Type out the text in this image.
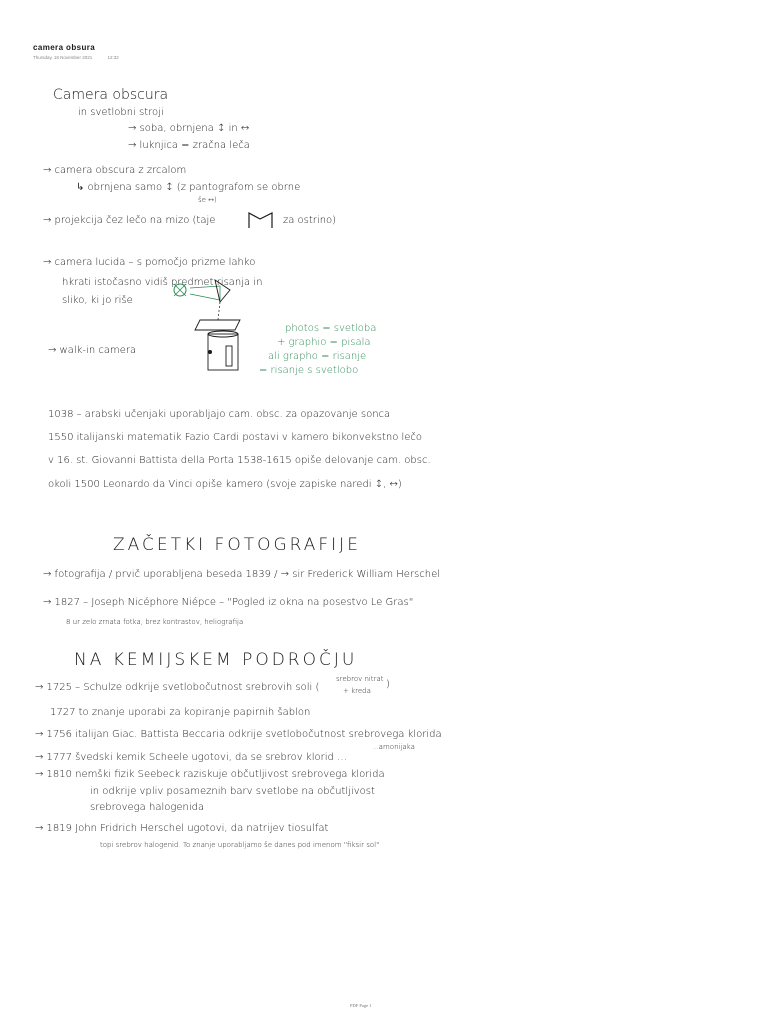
camera obsura
Thursday, 18 November 2021	12:32
Camera obscura
in svetlobni stroji
→ soba, obrnjena ↕ in ↔
→ luknjica = zračna leča
→ camera obscura z zrcalom
↳ obrnjena samo ↕ (z pantografom se obrne
še ↔)
→ projekcija čez lečo na mizo (taje	za ostrino)
→ camera lucida – s pomočjo prizme lahko
hkrati istočasno vidiš predmet risanja in
sliko, ki jo riše
photos = svetloba
+ graphio = pisala
ali grapho = risanje
= risanje s svetlobo
→ walk-in camera
1038 – arabski učenjaki uporabljajo cam. obsc. za opazovanje sonca
1550 italijanski matematik Fazio Cardi postavi v kamero bikonvekstno lečo
v 16. st. Giovanni Battista della Porta 1538-1615 opiše delovanje cam. obsc.
okoli 1500 Leonardo da Vinci opiše kamero (svoje zapiske naredi ↕, ↔)
ZAČETKI FOTOGRAFIJE
→ fotografija / prvič uporabljena beseda 1839 / → sir Frederick William Herschel
→ 1827 – Joseph Nicéphore Niépce – "Pogled iz okna na posestvo Le Gras"
8 ur zelo zrnata fotka, brez kontrastov, heliografija
NA KEMIJSKEM PODROČJU
→ 1725 – Schulze odkrije svetlobočutnost srebrovih soli (
srebrov nitrat
+ kreda
)
1727 to znanje uporabi za kopiranje papirnih šablon
→ 1756 italijan Giac. Battista Beccaria odkrije svetlobočutnost srebrovega klorida
...amonijaka
→ 1777 švedski kemik Scheele ugotovi, da se srebrov klorid …
→ 1810 nemški fizik Seebeck raziskuje občutljivost srebrovega klorida
in odkrije vpliv posameznih barv svetlobe na občutljivost
srebrovega halogenida
→ 1819 John Fridrich Herschel ugotovi, da natrijev tiosulfat
topi srebrov halogenid. To znanje uporabljamo še danes pod imenom "fiksir sol"
PDF Page 1
